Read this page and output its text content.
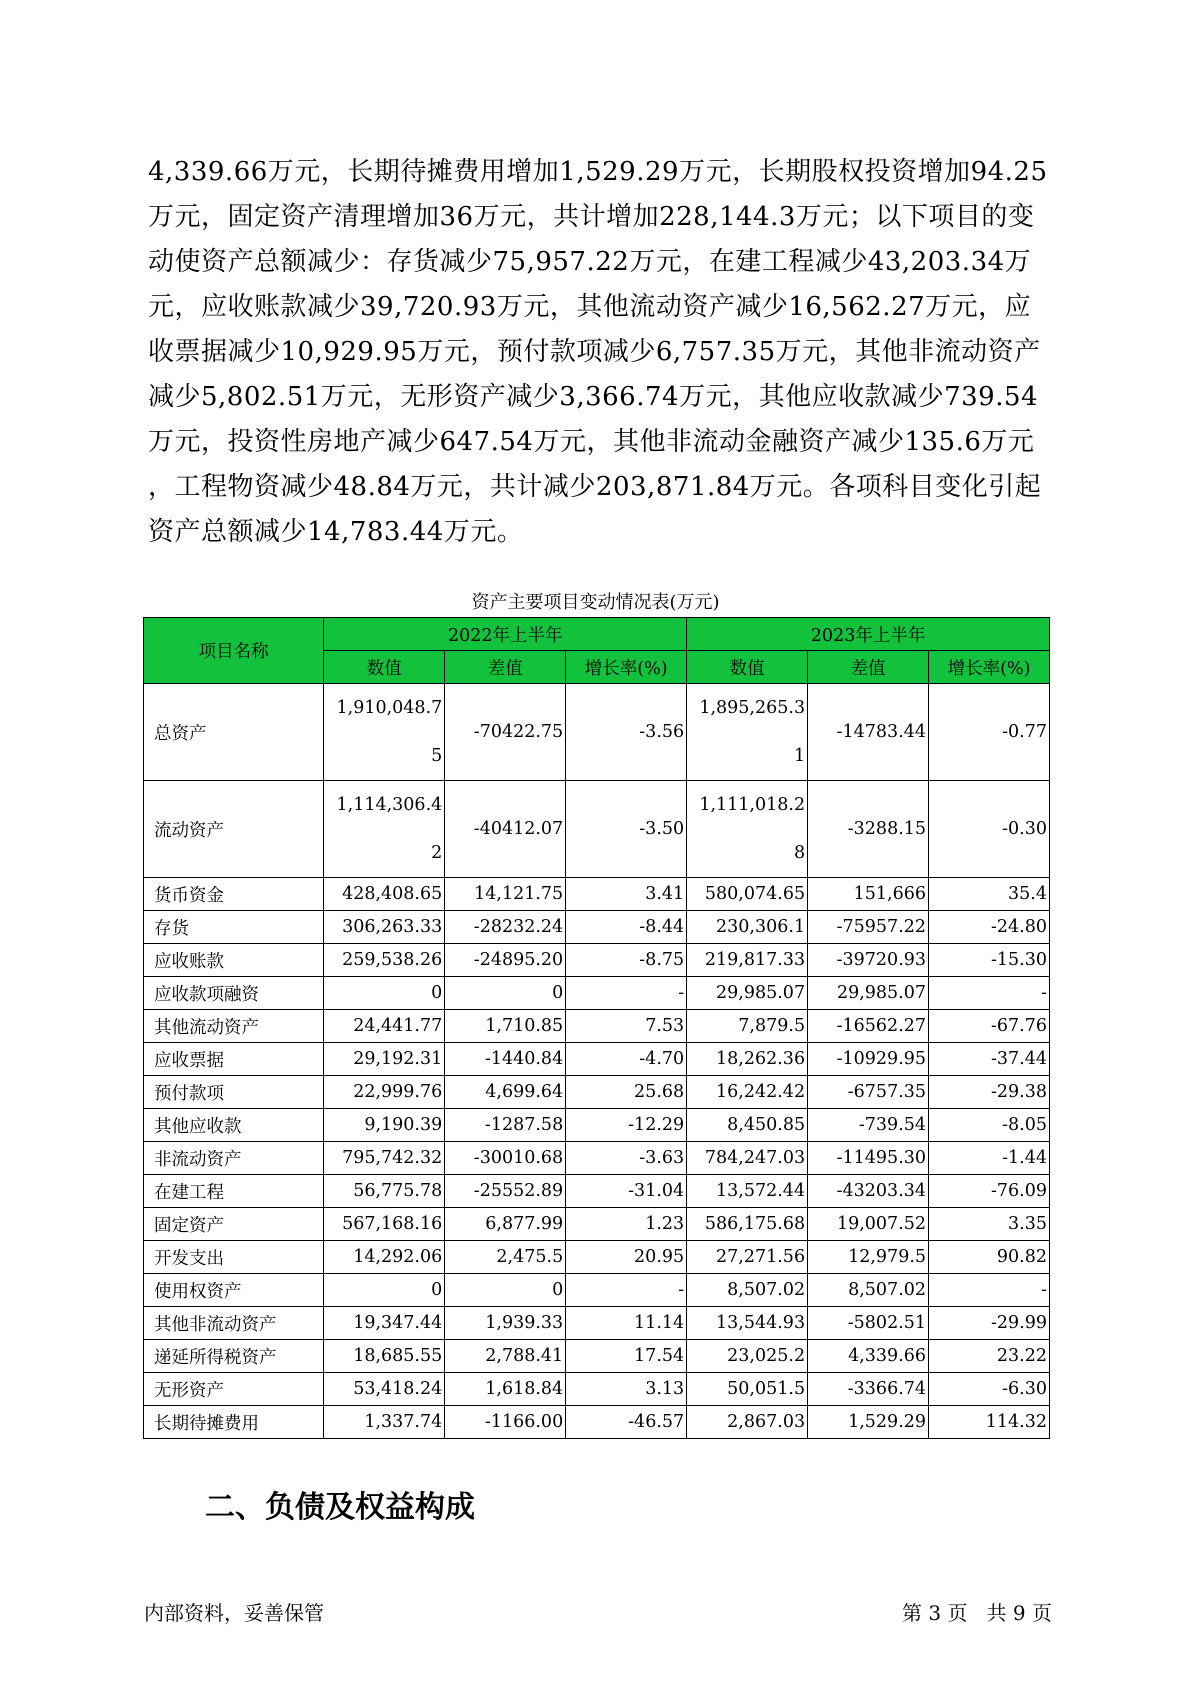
4,339.66万元，长期待摊费用增加1,529.29万元，长期股权投资增加94.25
万元，固定资产清理增加36万元，共计增加228,144.3万元；以下项目的变
动使资产总额减少：存货减少75,957.22万元，在建工程减少43,203.34万
元，应收账款减少39,720.93万元，其他流动资产减少16,562.27万元，应
收票据减少10,929.95万元，预付款项减少6,757.35万元，其他非流动资产
减少5,802.51万元，无形资产减少3,366.74万元，其他应收款减少739.54
万元，投资性房地产减少647.54万元，其他非流动金融资产减少135.6万元
，工程物资减少48.84万元，共计减少203,871.84万元。各项科目变化引起
资产总额减少14,783.44万元。
资产主要项目变动情况表(万元)
项目名称	2022年上半年			2023年上半年		
	数值	差值	增长率(%)	数值	差值	增长率(%)
总资产	1,910,048.75	-70422.75	-3.56	1,895,265.31	-14783.44	-0.77
流动资产	1,114,306.42	-40412.07	-3.50	1,111,018.28	-3288.15	-0.30
货币资金	428,408.65	14,121.75	3.41	580,074.65	151,666	35.4
存货	306,263.33	-28232.24	-8.44	230,306.1	-75957.22	-24.80
应收账款	259,538.26	-24895.20	-8.75	219,817.33	-39720.93	-15.30
应收款项融资	0	0	-	29,985.07	29,985.07	-
其他流动资产	24,441.77	1,710.85	7.53	7,879.5	-16562.27	-67.76
应收票据	29,192.31	-1440.84	-4.70	18,262.36	-10929.95	-37.44
预付款项	22,999.76	4,699.64	25.68	16,242.42	-6757.35	-29.38
其他应收款	9,190.39	-1287.58	-12.29	8,450.85	-739.54	-8.05
非流动资产	795,742.32	-30010.68	-3.63	784,247.03	-11495.30	-1.44
在建工程	56,775.78	-25552.89	-31.04	13,572.44	-43203.34	-76.09
固定资产	567,168.16	6,877.99	1.23	586,175.68	19,007.52	3.35
开发支出	14,292.06	2,475.5	20.95	27,271.56	12,979.5	90.82
使用权资产	0	0	-	8,507.02	8,507.02	-
其他非流动资产	19,347.44	1,939.33	11.14	13,544.93	-5802.51	-29.99
递延所得税资产	18,685.55	2,788.41	17.54	23,025.2	4,339.66	23.22
无形资产	53,418.24	1,618.84	3.13	50,051.5	-3366.74	-6.30
长期待摊费用	1,337.74	-1166.00	-46.57	2,867.03	1,529.29	114.32
二、负债及权益构成
内部资料，妥善保管	第 3 页   共 9 页
